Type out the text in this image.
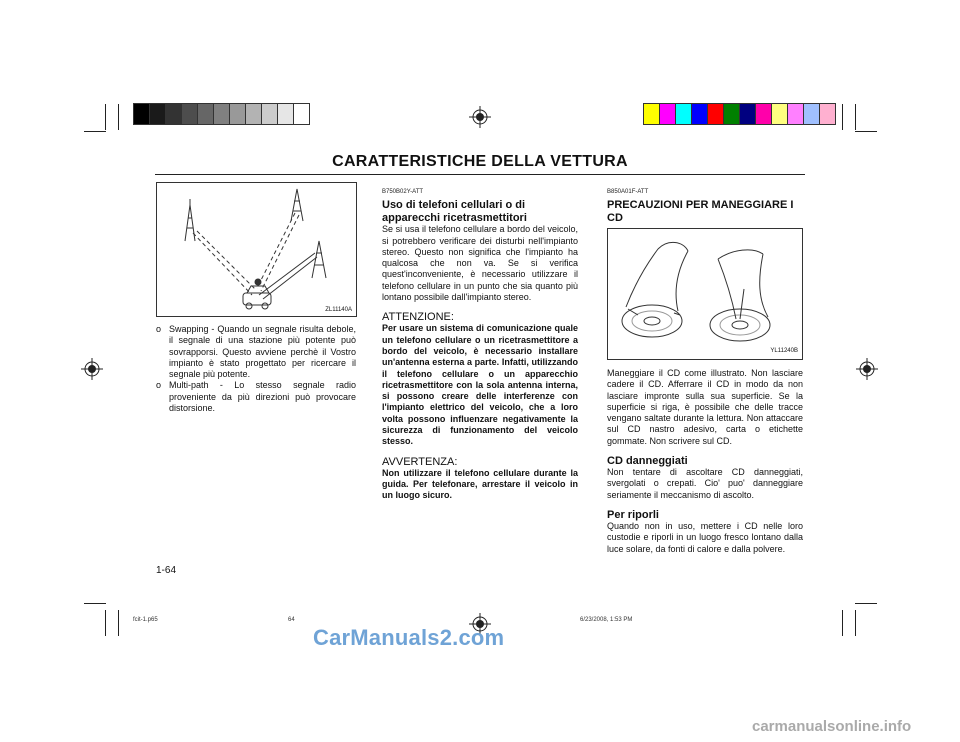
CARATTERISTICHE DELLA VETTURA
ZL11140A
o Swapping - Quando un segnale risulta debole, il segnale di una stazione più potente può sovrapporsi. Questo avviene perchè il Vostro impianto è stato progettato per ricercare il segnale più potente.
o Multi-path - Lo stesso segnale radio proveniente da più direzioni può provocare distorsione.
1-64
B750B02Y-ATT
Uso di telefoni cellulari o di apparecchi ricetrasmettitori
Se si usa il telefono cellulare a bordo del veicolo, si potrebbero verificare dei disturbi nell'impianto stereo. Questo non significa che l'impianto ha qualcosa che non va. Se si verifica quest'inconveniente, è necessario utilizzare il telefono cellulare in un punto che sia quanto più lontano possibile dall'impianto stereo.
ATTENZIONE:
Per usare un sistema di comunicazione quale un telefono cellulare o un ricetrasmettitore a bordo del veicolo, è necessario installare un'antenna esterna a parte. Infatti, utilizzando il telefono cellulare o un apparecchio ricetrasmettitore con la sola antenna interna, si possono creare delle interferenze con l'impianto elettrico del veicolo, che a loro volta possono influenzare negativamente la sicurezza di funzionamento del veicolo stesso.
AVVERTENZA:
Non utilizzare il telefono cellulare durante la guida. Per telefonare, arrestare il veicolo in un luogo sicuro.
B850A01F-ATT
PRECAUZIONI PER MANEGGIARE I CD
YL11240B
Maneggiare il CD come illustrato. Non lasciare cadere il CD. Afferrare il CD in modo da non lasciare impronte sulla sua superficie. Se la superficie si riga, è possibile che delle tracce vengano saltate durante la lettura. Non attaccare sul CD nastro adesivo, carta o etichette gommate. Non scrivere sul CD.
CD danneggiati
Non tentare di ascoltare CD danneggiati, svergolati o crepati. Cio' puo' danneggiare seriamente il meccanismo di ascolto.
Per riporli
Quando non in uso, mettere i CD nelle loro custodie e riporli in un luogo fresco lontano dalla luce solare, da fonti di calore e dalla polvere.
fcit-1.p65	64	6/23/2008, 1:53 PM
CarManuals2.com
carmanualsonline.info
